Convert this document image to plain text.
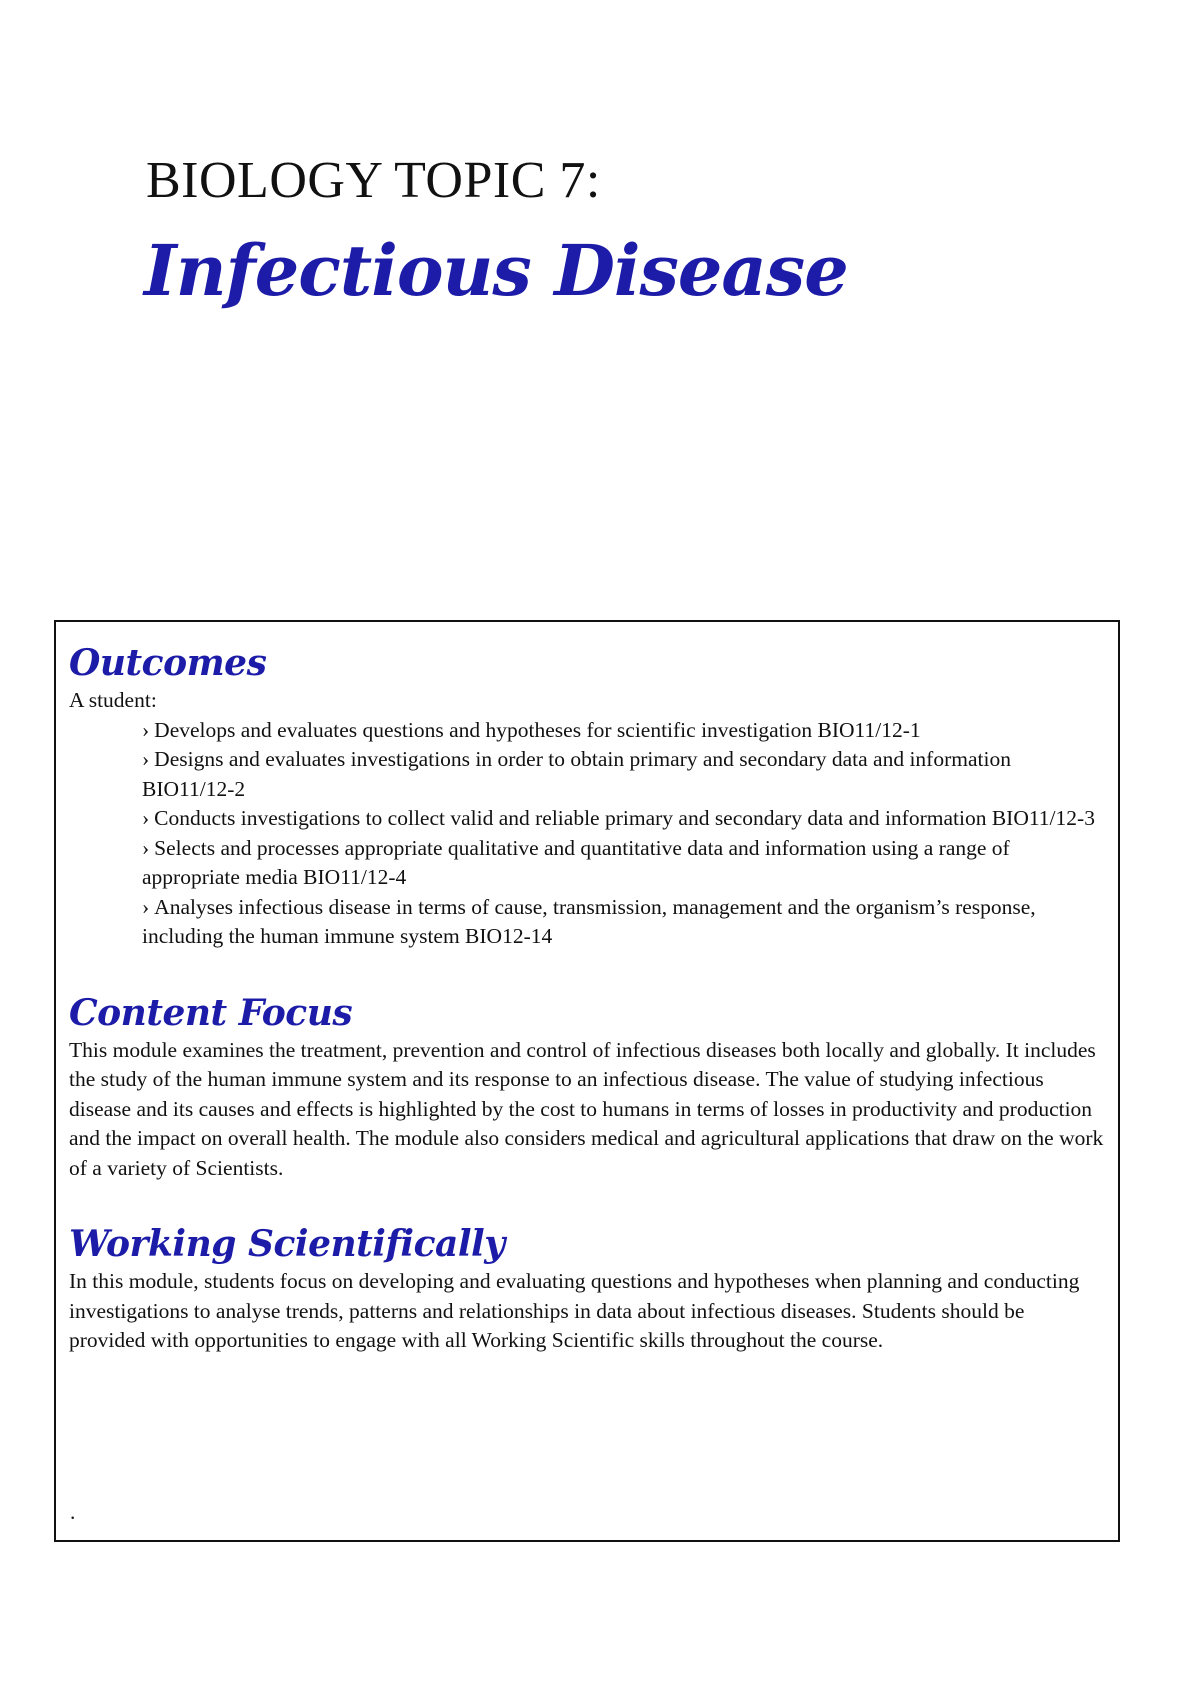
BIOLOGY TOPIC 7:
Infectious Disease
Outcomes

A student:

› Develops and evaluates questions and hypotheses for scientific investigation BIO11/12-1
› Designs and evaluates investigations in order to obtain primary and secondary data and information BIO11/12-2
› Conducts investigations to collect valid and reliable primary and secondary data and information BIO11/12-3
› Selects and processes appropriate qualitative and quantitative data and information using a range of appropriate media BIO11/12-4
› Analyses infectious disease in terms of cause, transmission, management and the organism’s response, including the human immune system BIO12-14
Content Focus

This module examines the treatment, prevention and control of infectious diseases both locally and globally. It includes the study of the human immune system and its response to an infectious disease. The value of studying infectious disease and its causes and effects is highlighted by the cost to humans in terms of losses in productivity and production and the impact on overall health. The module also considers medical and agricultural applications that draw on the work of a variety of Scientists.

Working Scientifically

In this module, students focus on developing and evaluating questions and hypotheses when planning and conducting investigations to analyse trends, patterns and relationships in data about infectious diseases. Students should be provided with opportunities to engage with all Working Scientific skills throughout the course.

.
